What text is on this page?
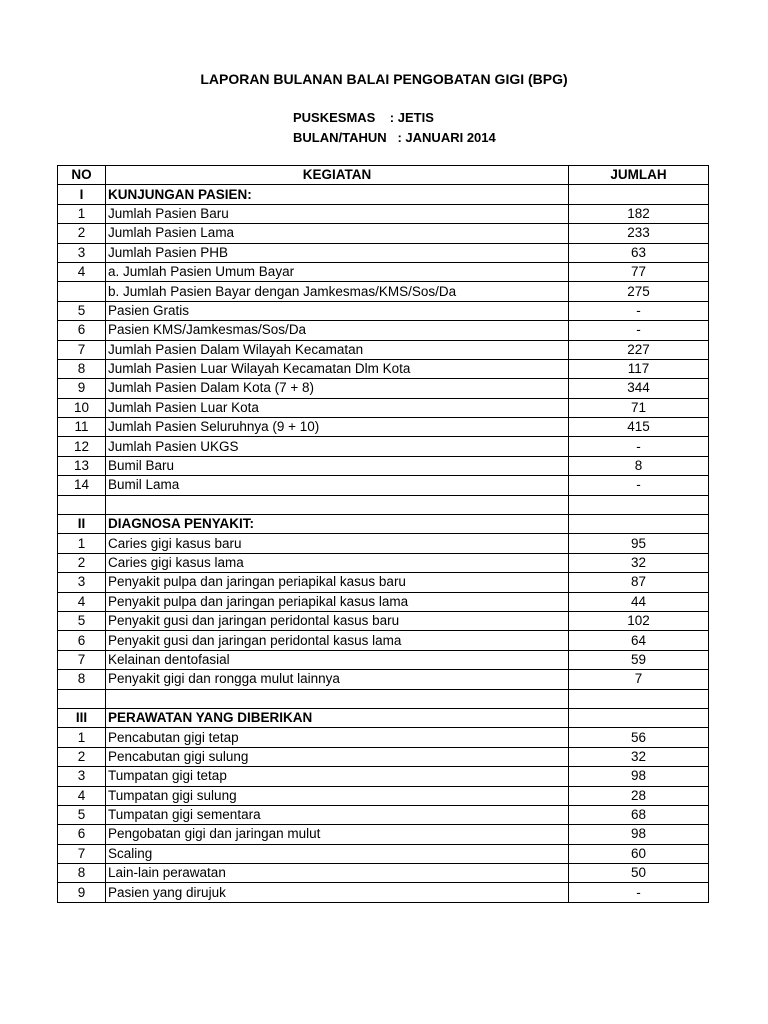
LAPORAN BULANAN BALAI PENGOBATAN GIGI (BPG)
PUSKESMAS    : JETIS
BULAN/TAHUN   : JANUARI 2014
NO	KEGIATAN	JUMLAH
I	KUNJUNGAN PASIEN:	
1	Jumlah Pasien Baru	182
2	Jumlah Pasien Lama	233
3	Jumlah Pasien PHB	63
4	a. Jumlah Pasien Umum Bayar	77
	b. Jumlah Pasien Bayar dengan Jamkesmas/KMS/Sos/Da	275
5	Pasien Gratis	-
6	Pasien KMS/Jamkesmas/Sos/Da	-
7	Jumlah Pasien Dalam Wilayah Kecamatan	227
8	Jumlah Pasien Luar Wilayah Kecamatan Dlm Kota	117
9	Jumlah Pasien Dalam Kota (7 + 8)	344
10	Jumlah Pasien Luar Kota	71
11	Jumlah Pasien Seluruhnya (9 + 10)	415
12	Jumlah Pasien UKGS	-
13	Bumil Baru	8
14	Bumil Lama	-

II	DIAGNOSA PENYAKIT:	
1	Caries gigi kasus baru	95
2	Caries gigi kasus lama	32
3	Penyakit pulpa dan jaringan periapikal kasus baru	87
4	Penyakit pulpa dan jaringan periapikal kasus lama	44
5	Penyakit gusi dan jaringan peridontal kasus baru	102
6	Penyakit gusi dan jaringan peridontal kasus lama	64
7	Kelainan dentofasial	59
8	Penyakit gigi dan rongga mulut lainnya	7

III	PERAWATAN YANG DIBERIKAN	
1	Pencabutan gigi tetap	56
2	Pencabutan gigi sulung	32
3	Tumpatan gigi tetap	98
4	Tumpatan gigi sulung	28
5	Tumpatan gigi sementara	68
6	Pengobatan gigi dan jaringan mulut	98
7	Scaling	60
8	Lain-lain perawatan	50
9	Pasien yang dirujuk	-
